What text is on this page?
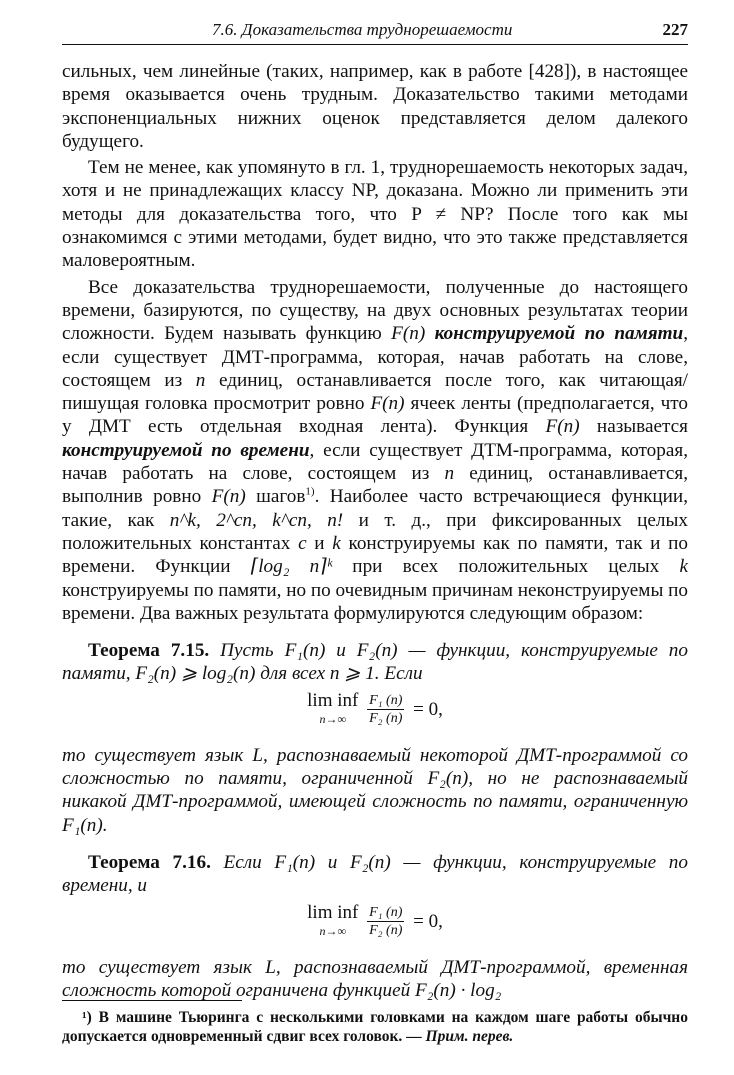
7.6. Доказательства труднорешаемости	227

сильных, чем линейные (таких, например, как в работе [428]), в настоящее время оказывается очень трудным. Доказательство такими методами экспоненциальных нижних оценок представляется делом далекого будущего.

Тем не менее, как упомянуто в гл. 1, труднорешаемость некоторых задач, хотя и не принадлежащих классу NP, доказана. Можно ли применить эти методы для доказательства того, что P ≠ NP? После того как мы ознакомимся с этими методами, будет видно, что это также представляется маловероятным.

Все доказательства труднорешаемости, полученные до настоящего времени, базируются, по существу, на двух основных результатах теории сложности. Будем называть функцию F(n) конструируемой по памяти, если существует ДМТ-программа, которая, начав работать на слове, состоящем из n единиц, останавливается после того, как читающая/пишущая головка просмотрит ровно F(n) ячеек ленты (предполагается, что у ДМТ есть отдельная входная лента). Функция F(n) называется конструируемой по времени, если существует ДТМ-программа, которая, начав работать на слове, состоящем из n единиц, останавливается, выполнив ровно F(n) шагов$^{1)}$. Наиболее часто встречающиеся функции, такие, как n^k, 2^cn, k^cn, n! и т. д., при фиксированных целых положительных константах c и k конструируемы как по памяти, так и по времени. Функции ⌈log₂ n⌉ᵏ при всех положительных целых k конструируемы по памяти, но по очевидным причинам неконструируемы по времени. Два важных результата формулируются следующим образом:

Теорема 7.15. Пусть F₁(n) и F₂(n) — функции, конструируемые по памяти, F₂(n) ⩾ log₂(n) для всех n ⩾ 1. Если

lim inf
n→∞
	$\frac{\text{F₁ (n)}}{\text{F₂ (n)}} = 0$,

то существует язык L, распознаваемый некоторой ДМТ-программой со сложностью по памяти, ограниченной F₂(n), но не распознаваемый никакой ДМТ-программой, имеющей сложность по памяти, ограниченную F₁(n).

Теорема 7.16. Если F₁(n) и F₂(n) — функции, конструируемые по времени, и

lim inf
n→∞
	$\frac{\text{F₁ (n)}}{\text{F₂ (n)}} = 0$,

то существует язык L, распознаваемый ДМТ-программой, временная сложность которой ограничена функцией F₂(n) · log₂

¹) В машине Тьюринга с несколькими головками на каждом шаге работы обычно допускается одновременный сдвиг всех головок. — Прим. перев.
